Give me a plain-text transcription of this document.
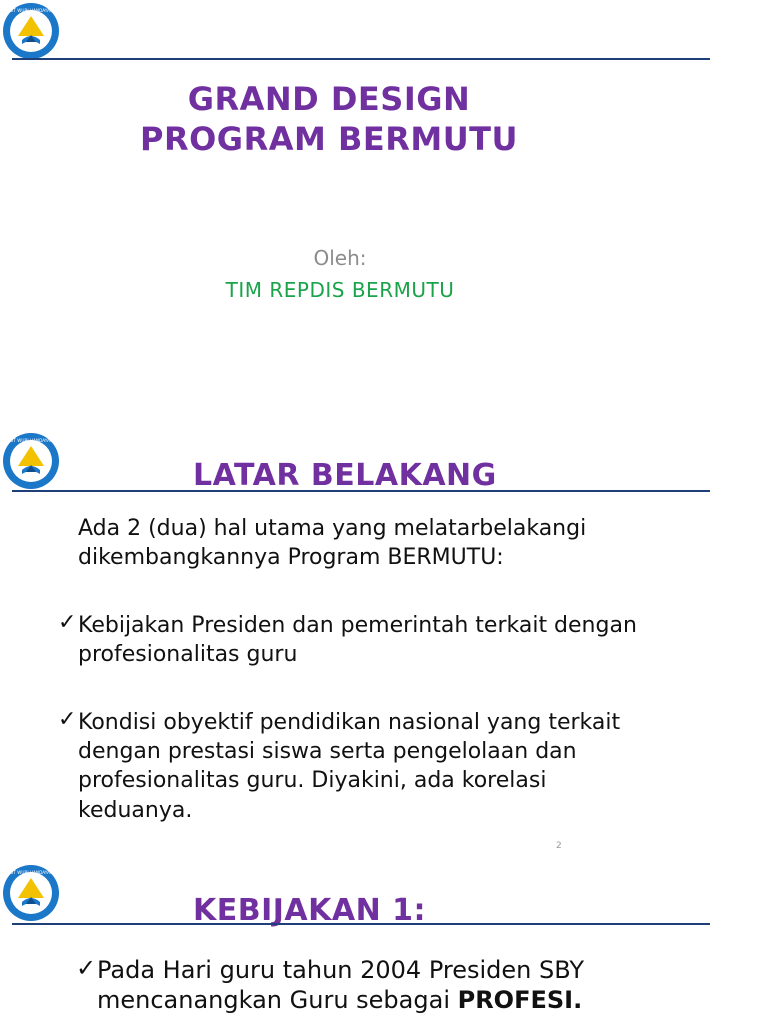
TUT WURI HANDAYANI
GRAND DESIGN
PROGRAM BERMUTU
Oleh:
TIM REPDIS BERMUTU
TUT WURI HANDAYANI
LATAR BELAKANG
Ada 2 (dua) hal utama yang melatarbelakangi
dikembangkannya Program BERMUTU:
✓ Kebijakan Presiden dan pemerintah terkait dengan
profesionalitas guru
✓ Kondisi obyektif pendidikan nasional yang terkait
dengan prestasi siswa serta pengelolaan dan
profesionalitas guru. Diyakini, ada korelasi
keduanya.
2
TUT WURI HANDAYANI
KEBIJAKAN 1:
✓ Pada Hari guru tahun 2004 Presiden SBY
mencanangkan Guru sebagai PROFESI.
